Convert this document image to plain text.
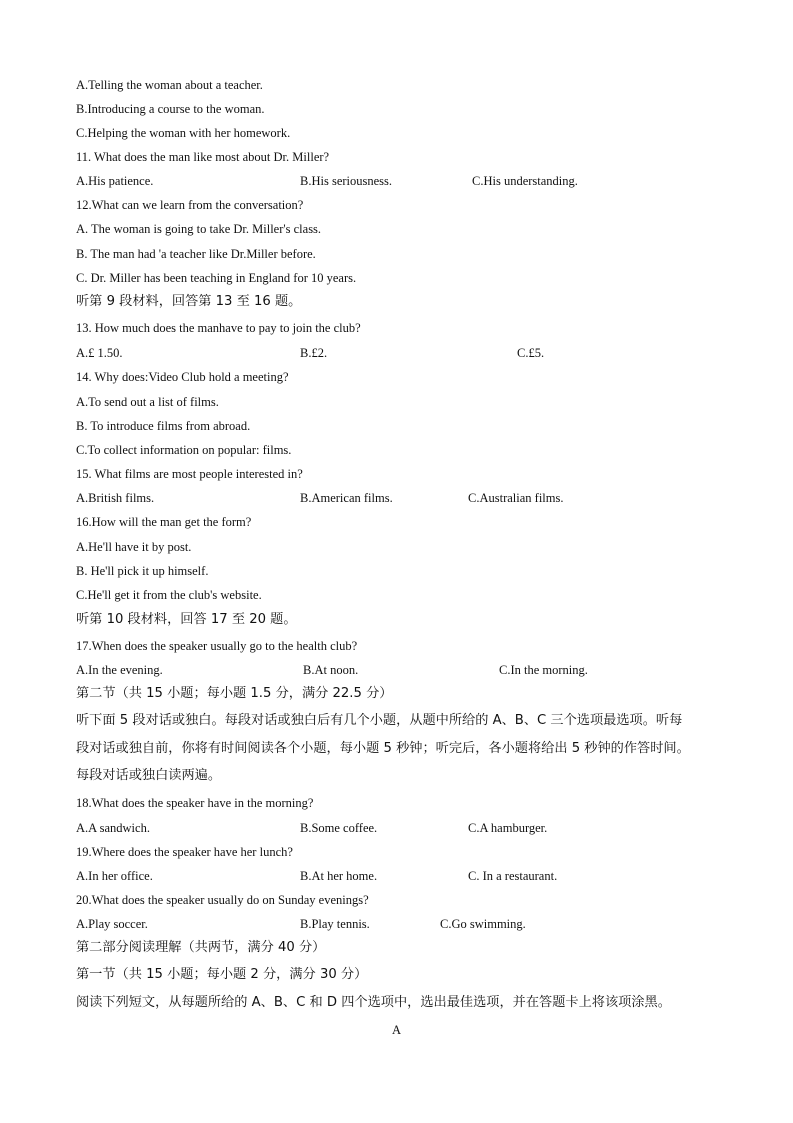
A.Telling the woman about a teacher.
B.Introducing a course to the woman.
C.Helping the woman with her homework.
11. What does the man like most about Dr. Miller?
A.His patience.	B.His seriousness.	C.His understanding.
12.What can we learn from the conversation?
A. The woman is going to take Dr. Miller's class.
B. The man had 'a teacher like Dr.Miller before.
C. Dr. Miller has been teaching in England for 10 years.
听第 9 段材料，回答第 13 至 16 题。
13. How much does the manhave to pay to join the club?
A.£ 1.50.	B.£2.	C.£5.
14. Why does:Video Club hold a meeting?
A.To send out a list of films.
B. To introduce films from abroad.
C.To collect information on popular: films.
15. What films are most people interested in?
A.British films.	B.American films.	C.Australian films.
16.How will the man get the form?
A.He'll have it by post.
B. He'll pick it up himself.
C.He'll get it from the club's website.
听第 10 段材料，回答 17 至 20 题。
17.When does the speaker usually go to the health club?
A.In the evening.	B.At noon.	C.In the morning.
第二节（共 15 小题；每小题 1.5 分，满分 22.5 分）
听下面 5 段对话或独白。每段对话或独白后有几个小题，从题中所给的 A、B、C 三个选项最选项。听每
段对话或独自前，你将有时间阅读各个小题，每小题 5 秒钟；听完后，各小题将给出 5 秒钟的作答时间。
每段对话或独白读两遍。
18.What does the speaker have in the morning?
A.A sandwich.	B.Some coffee.	C.A hamburger.
19.Where does the speaker have her lunch?
A.In her office.	B.At her home.	C. In a restaurant.
20.What does the speaker usually do on Sunday evenings?
A.Play soccer.	B.Play tennis.	C.Go swimming.
第二部分阅读理解（共两节，满分 40 分）
第一节（共 15 小题；每小题 2 分，满分 30 分）
阅读下列短文，从每题所给的 A、B、C 和 D 四个选项中，选出最佳选项，并在答题卡上将该项涂黑。
A
